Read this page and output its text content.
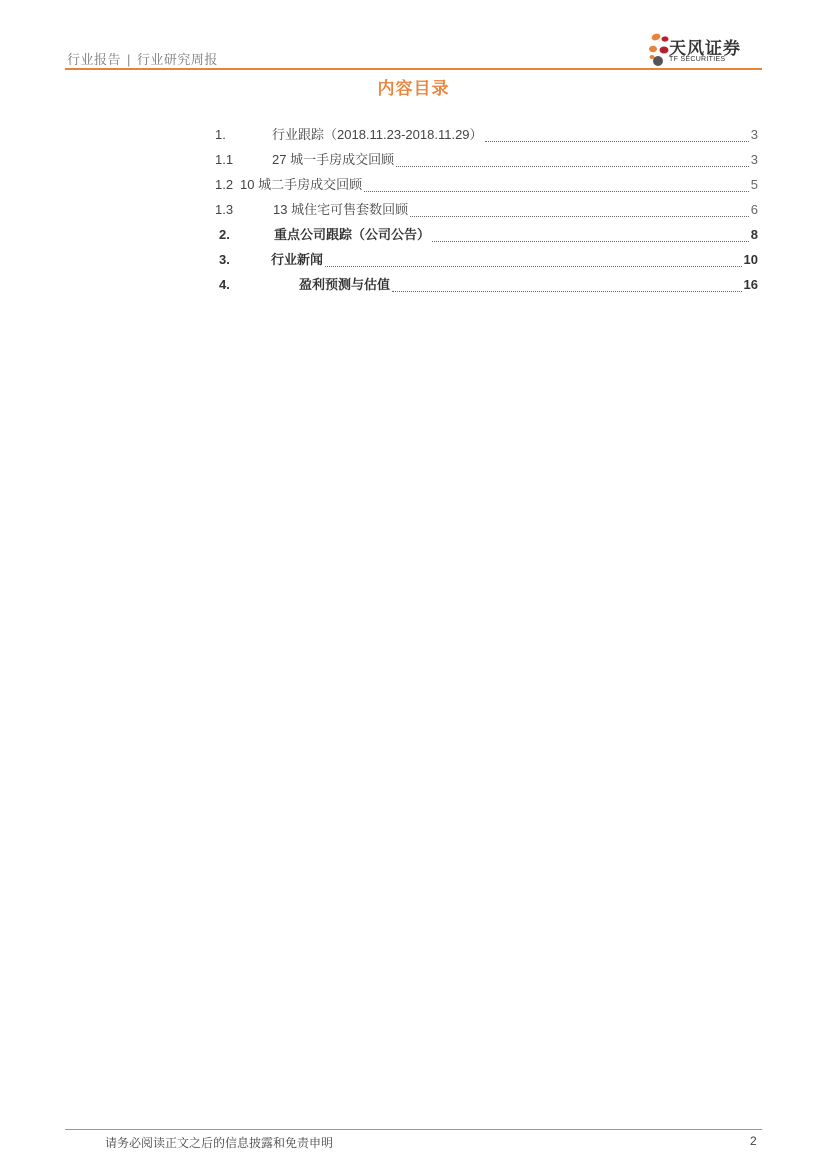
行业报告 | 行业研究周报
天风证券
TF SECURITIES
内容目录
1.	行业跟踪（2018.11.23-2018.11.29）	3
1.1	27 城一手房成交回顾	3
1.2 10 城二手房成交回顾	5
1.3	13 城住宅可售套数回顾	6
2.	重点公司跟踪（公司公告）	8
3.	行业新闻	10
4.	盈利预测与估值	16
请务必阅读正文之后的信息披露和免责申明	2
